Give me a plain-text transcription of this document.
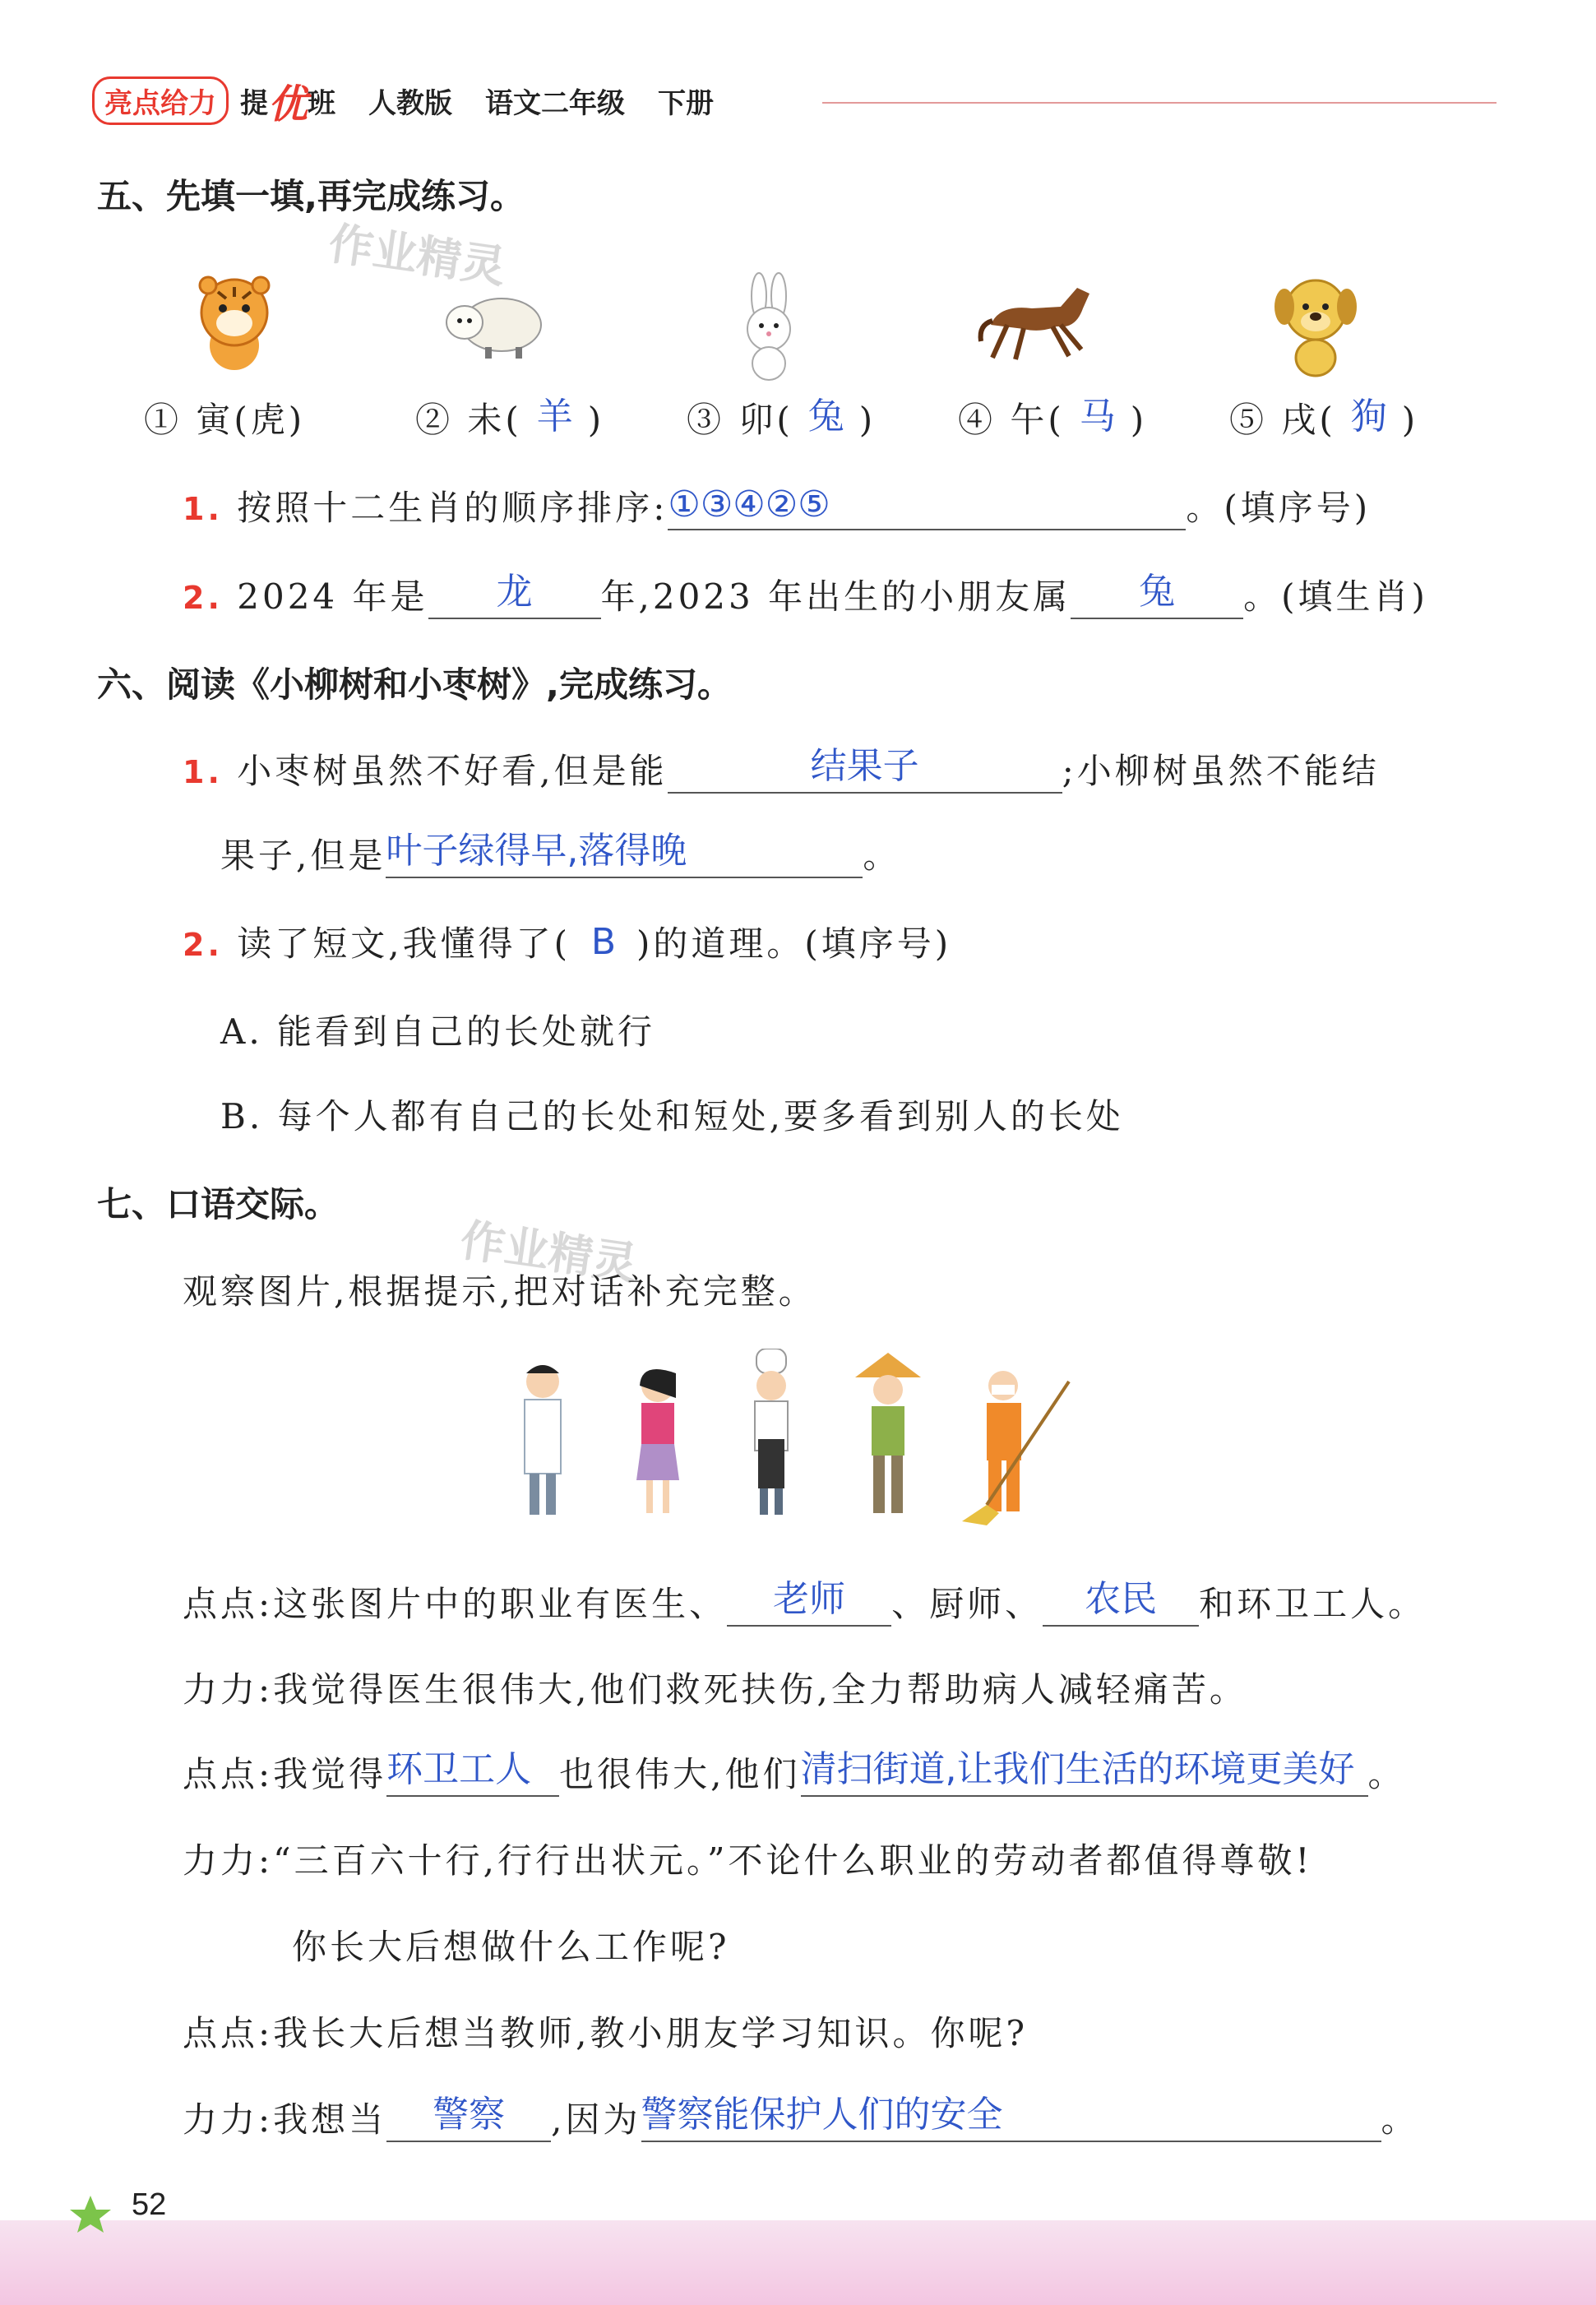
亮点给力 提 优 班 人教版 语文二年级 下册
作业精灵
作业精灵
五、先填一填,再完成练习。
① 寅(虎)	② 未( 羊 )	③ 卯( 兔 )	④ 午( 马 )	⑤ 戌( 狗 )
1. 按照十二生肖的顺序排序: ①③④②⑤	。(填序号)
2. 2024 年是	龙	年,2023 年出生的小朋友属	兔	。(填生肖)
六、阅读《小柳树和小枣树》,完成练习。
1. 小枣树虽然不好看,但是能	结果子	;小柳树虽然不能结
果子,但是 叶子绿得早,落得晚	。
2. 读了短文,我懂得了( B )的道理。(填序号)
A. 能看到自己的长处就行
B. 每个人都有自己的长处和短处,要多看到别人的长处
七、口语交际。
观察图片,根据提示,把对话补充完整。
点点:这张图片中的职业有医生、	老师	、厨师、	农民	和环卫工人。
力力:我觉得医生很伟大,他们救死扶伤,全力帮助病人减轻痛苦。
点点:我觉得 环卫工人 也很伟大,他们 清扫街道,让我们生活的环境更美好 。
力力:“三百六十行,行行出状元。”不论什么职业的劳动者都值得尊敬!
你长大后想做什么工作呢?
点点:我长大后想当教师,教小朋友学习知识。你呢?
力力:我想当	警察	,因为 警察能保护人们的安全	。
52
